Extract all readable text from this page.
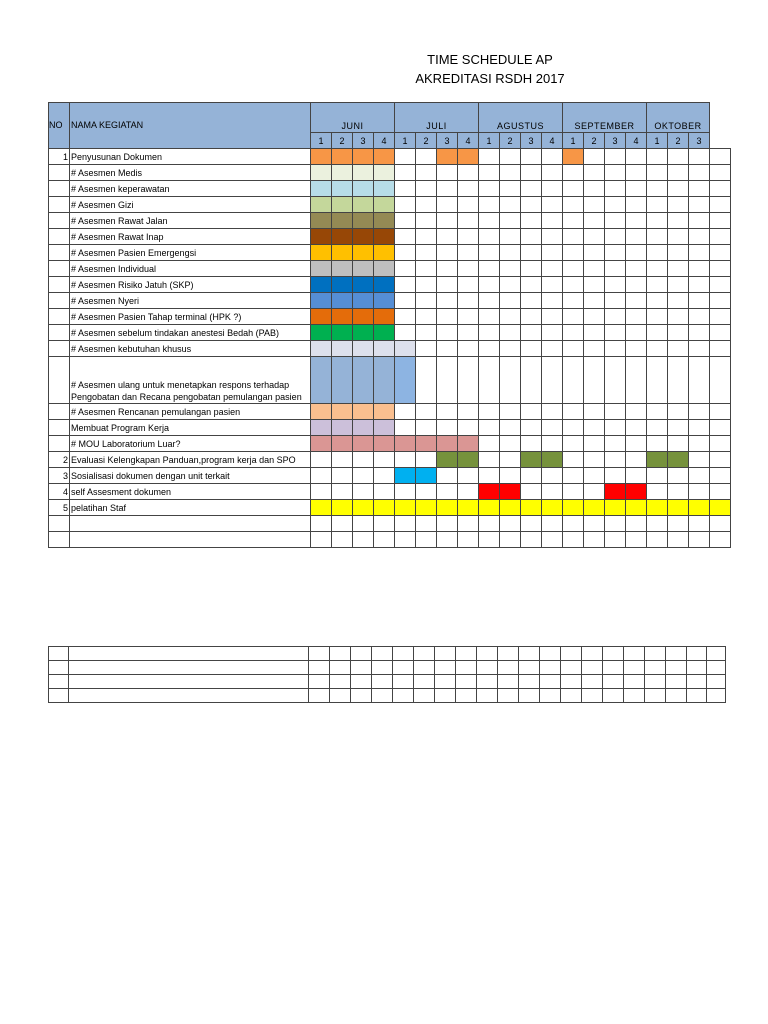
TIME SCHEDULE AP
AKREDITASI RSDH 2017
NO	NAMA KEGIATAN	JUNI				JULI				AGUSTUS				SEPTEMBER				OKTOBER			
		1	2	3	4	1	2	3	4	1	2	3	4	1	2	3	4	1	2	3	
1	Penyusunan Dokumen																				
	# Asesmen Medis																				
	# Asesmen keperawatan																				
	# Asesmen Gizi																				
	# Asesmen Rawat Jalan																				
	# Asesmen Rawat Inap																				
	# Asesmen Pasien Emergengsi																				
	# Asesmen Individual																				
	# Asesmen Risiko Jatuh (SKP)																				
	# Asesmen Nyeri																				
	# Asesmen Pasien Tahap terminal (HPK ?)																				
	# Asesmen sebelum tindakan anestesi Bedah (PAB)																				
	# Asesmen kebutuhan khusus																				
	# Asesmen ulang untuk menetapkan respons terhadap Pengobatan dan Recana pengobatan pemulangan pasien																				
	# Asesmen Rencanan pemulangan pasien																				
	Membuat Program Kerja																				
	# MOU Laboratorium Luar?																				
2	Evaluasi Kelengkapan Panduan,program kerja dan SPO																				
3	Sosialisasi dokumen dengan unit terkait																				
4	self Assesment dokumen																				
5	pelatihan Staf																				
